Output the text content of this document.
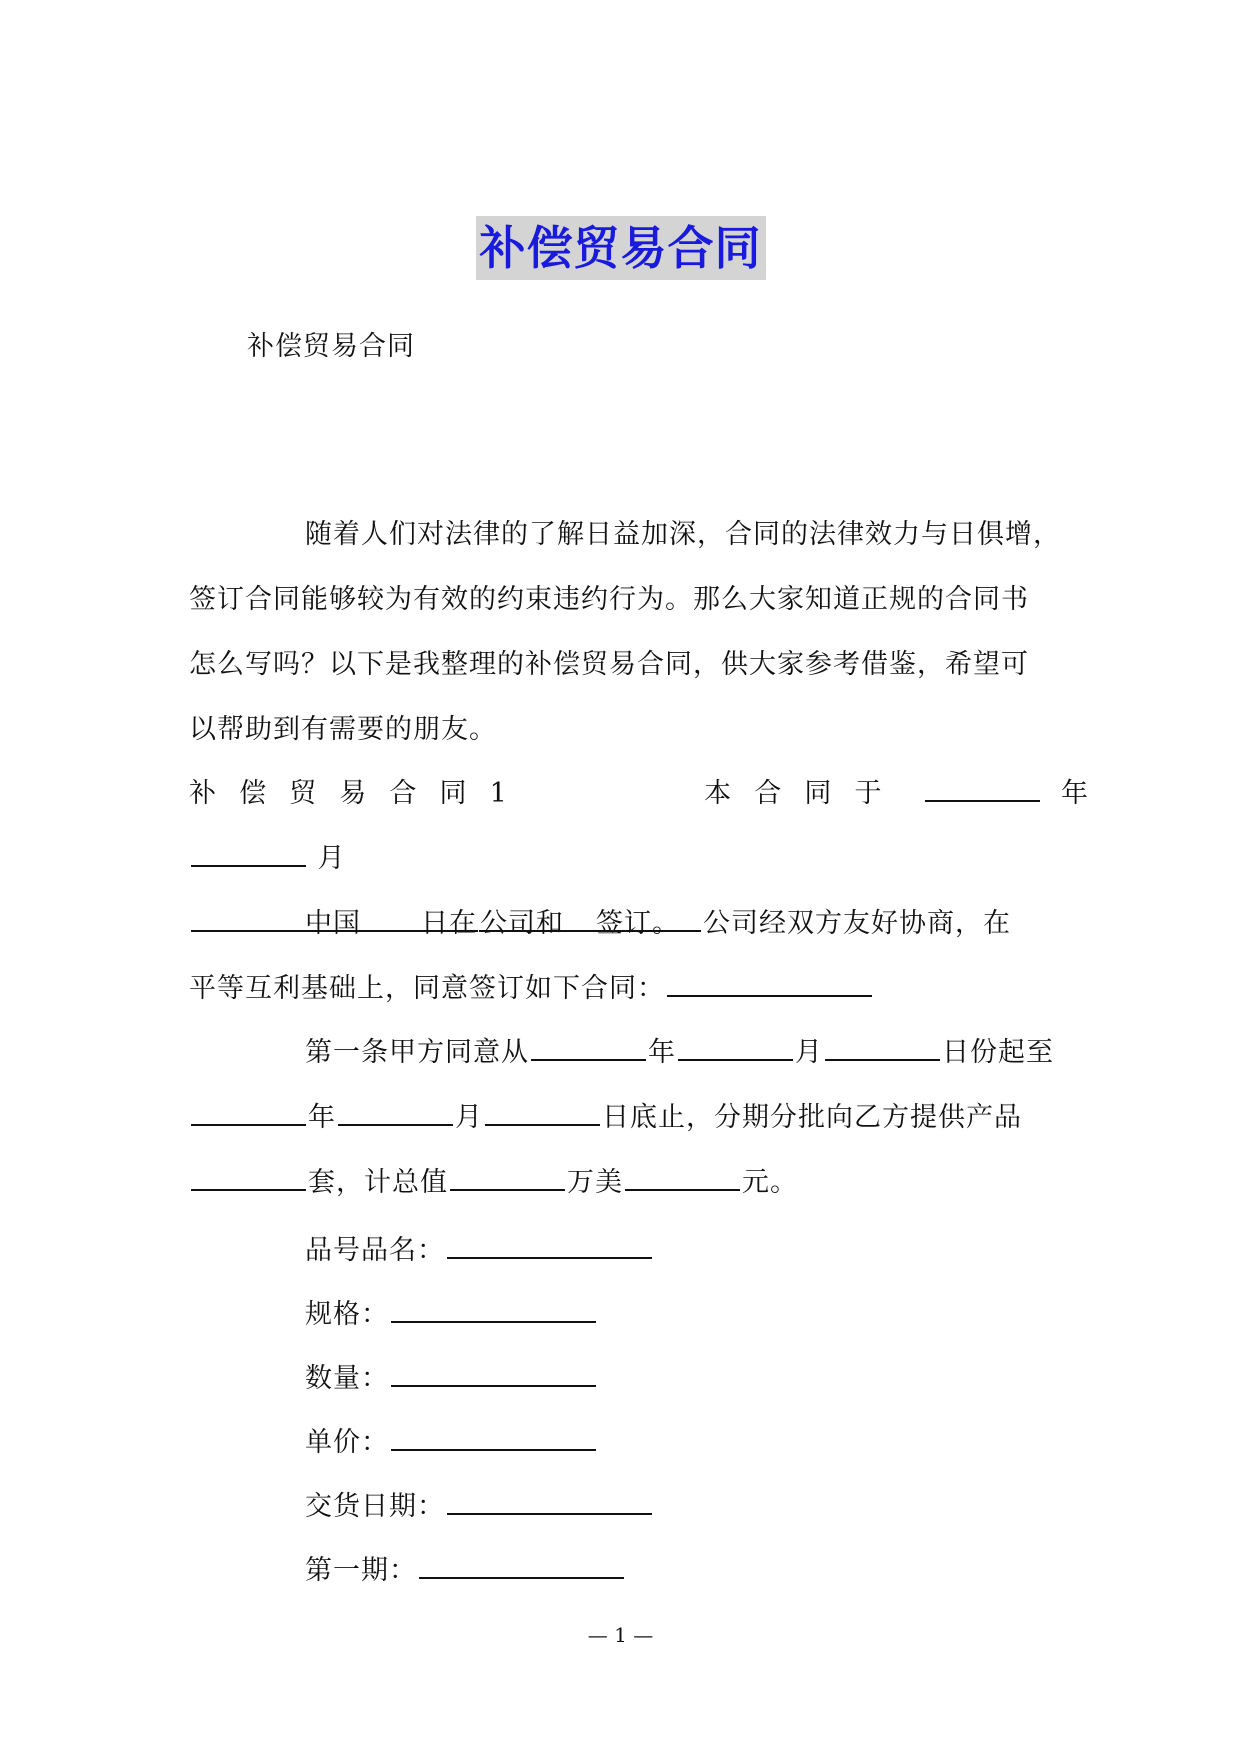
补偿贸易合同
补偿贸易合同
随着人们对法律的了解日益加深，合同的法律效力与日俱增，
签订合同能够较为有效的约束违约行为。那么大家知道正规的合同书
怎么写吗？以下是我整理的补偿贸易合同，供大家参考借鉴，希望可
以帮助到有需要的朋友。
补偿贸易合同1	本合同于	年  月
日在	签订。
中国	公司和	公司经双方友好协商，在
平等互利基础上，同意签订如下合同：
第一条甲方同意从	年	月	日份起至
年	月	日底止，分期分批向乙方提供产品
套，计总值	万美	元。
品号品名：
规格：
数量：
单价：
交货日期：
第一期：
— 1 —
